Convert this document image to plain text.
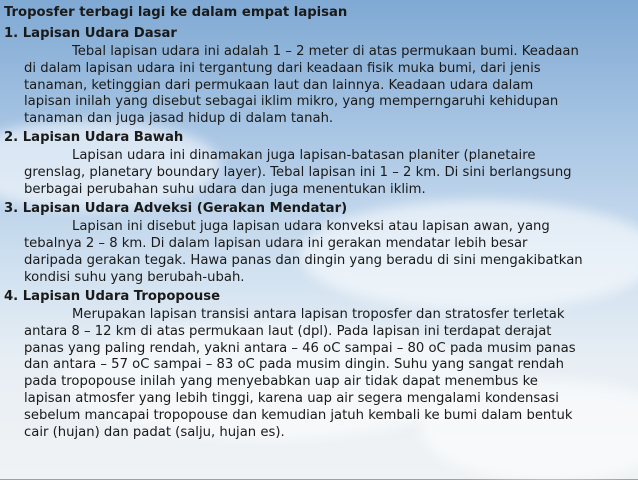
Troposfer terbagi lagi ke dalam empat lapisan
1. Lapisan Udara Dasar

Tebal lapisan udara ini adalah 1 – 2 meter di atas permukaan bumi. Keadaan
di dalam lapisan udara ini tergantung dari keadaan fisik muka bumi, dari jenis
tanaman, ketinggian dari permukaan laut dan lainnya. Keadaan udara dalam
lapisan inilah yang disebut sebagai iklim mikro, yang memperngaruhi kehidupan
tanaman dan juga jasad hidup di dalam tanah.

2. Lapisan Udara Bawah

Lapisan udara ini dinamakan juga lapisan-batasan planiter (planetaire
grenslag, planetary boundary layer). Tebal lapisan ini 1 – 2 km. Di sini berlangsung
berbagai perubahan suhu udara dan juga menentukan iklim.

3. Lapisan Udara Adveksi (Gerakan Mendatar)

Lapisan ini disebut juga lapisan udara konveksi atau lapisan awan, yang
tebalnya 2 – 8 km. Di dalam lapisan udara ini gerakan mendatar lebih besar
daripada gerakan tegak. Hawa panas dan dingin yang beradu di sini mengakibatkan
kondisi suhu yang berubah-ubah.

4. Lapisan Udara Tropopouse

Merupakan lapisan transisi antara lapisan troposfer dan stratosfer terletak
antara 8 – 12 km di atas permukaan laut (dpl). Pada lapisan ini terdapat derajat
panas yang paling rendah, yakni antara – 46 oC sampai – 80 oC pada musim panas
dan antara – 57 oC sampai – 83 oC pada musim dingin. Suhu yang sangat rendah
pada tropopouse inilah yang menyebabkan uap air tidak dapat menembus ke
lapisan atmosfer yang lebih tinggi, karena uap air segera mengalami kondensasi
sebelum mancapai tropopouse dan kemudian jatuh kembali ke bumi dalam bentuk
cair (hujan) dan padat (salju, hujan es).
